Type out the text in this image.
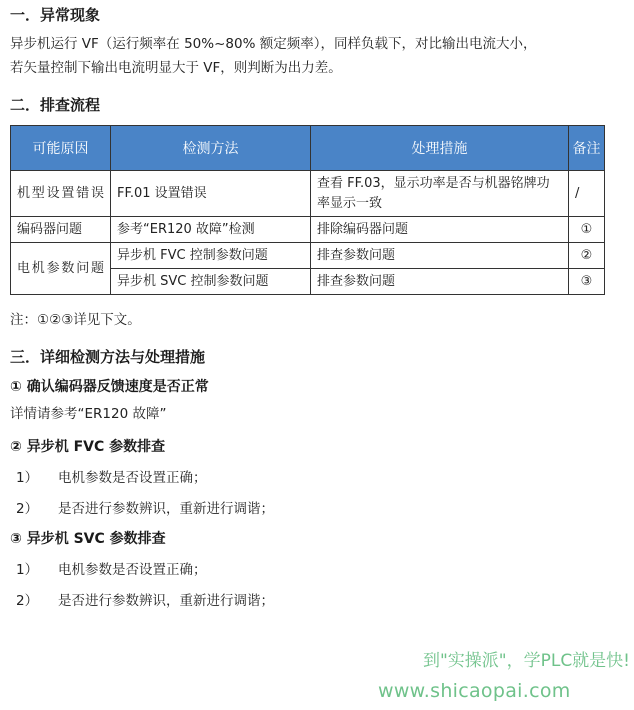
一．异常现象
异步机运行 VF（运行频率在 50%~80% 额定频率），同样负载下，对比输出电流大小，
若矢量控制下输出电流明显大于 VF，则判断为出力差。
二．排查流程
可能原因	检测方法	处理措施	备注
机型设置错误	FF.01 设置错误	查看 FF.03，显示功率是否与机器铭牌功率显示一致	/
编码器问题	参考“ER120 故障”检测	排除编码器问题	①
电机参数问题	异步机 FVC 控制参数问题	排查参数问题	②
	异步机 SVC 控制参数问题	排查参数问题	③
注：①②③详见下文。
三．详细检测方法与处理措施
① 确认编码器反馈速度是否正常
详情请参考“ER120 故障”
② 异步机 FVC 参数排查
1） 电机参数是否设置正确；
2） 是否进行参数辨识，重新进行调谐；
③ 异步机 SVC 参数排查
1） 电机参数是否设置正确；
2） 是否进行参数辨识，重新进行调谐；
到"实操派"，学PLC就是快!
www.shicaopai.com
